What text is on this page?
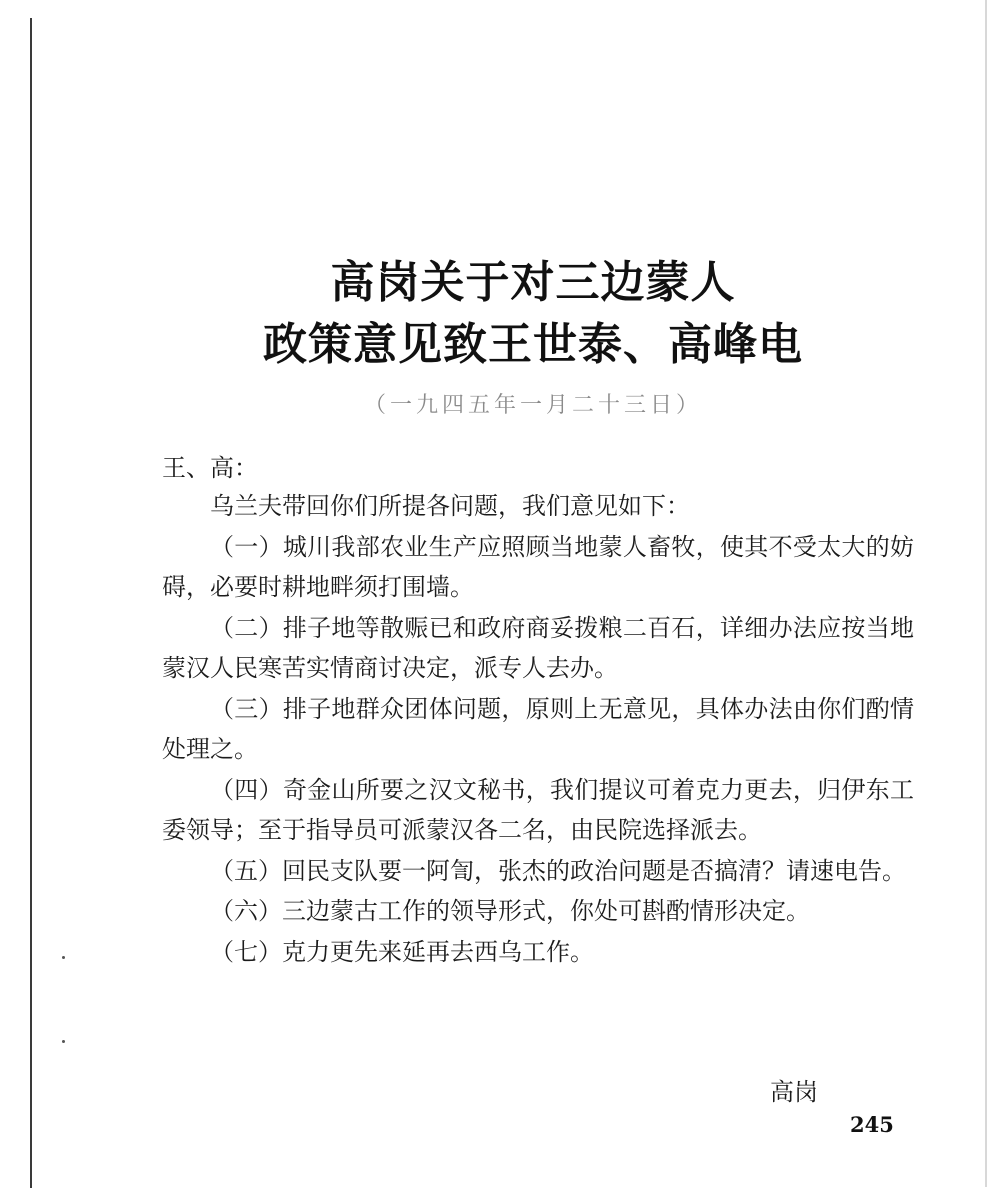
高岗关于对三边蒙人
政策意见致王世泰、高峰电
（一九四五年一月二十三日）
王、高：

乌兰夫带回你们所提各问题，我们意见如下：

（一）城川我部农业生产应照顾当地蒙人畜牧，使其不受太大的妨碍，必要时耕地畔须打围墙。

（二）排子地等散赈已和政府商妥拨粮二百石，详细办法应按当地蒙汉人民寒苦实情商讨决定，派专人去办。

（三）排子地群众团体问题，原则上无意见，具体办法由你们酌情处理之。

（四）奇金山所要之汉文秘书，我们提议可着克力更去，归伊东工委领导；至于指导员可派蒙汉各二名，由民院选择派去。

（五）回民支队要一阿訇，张杰的政治问题是否搞清？请速电告。

（六）三边蒙古工作的领导形式，你处可斟酌情形决定。

（七）克力更先来延再去西乌工作。

高岗
245
